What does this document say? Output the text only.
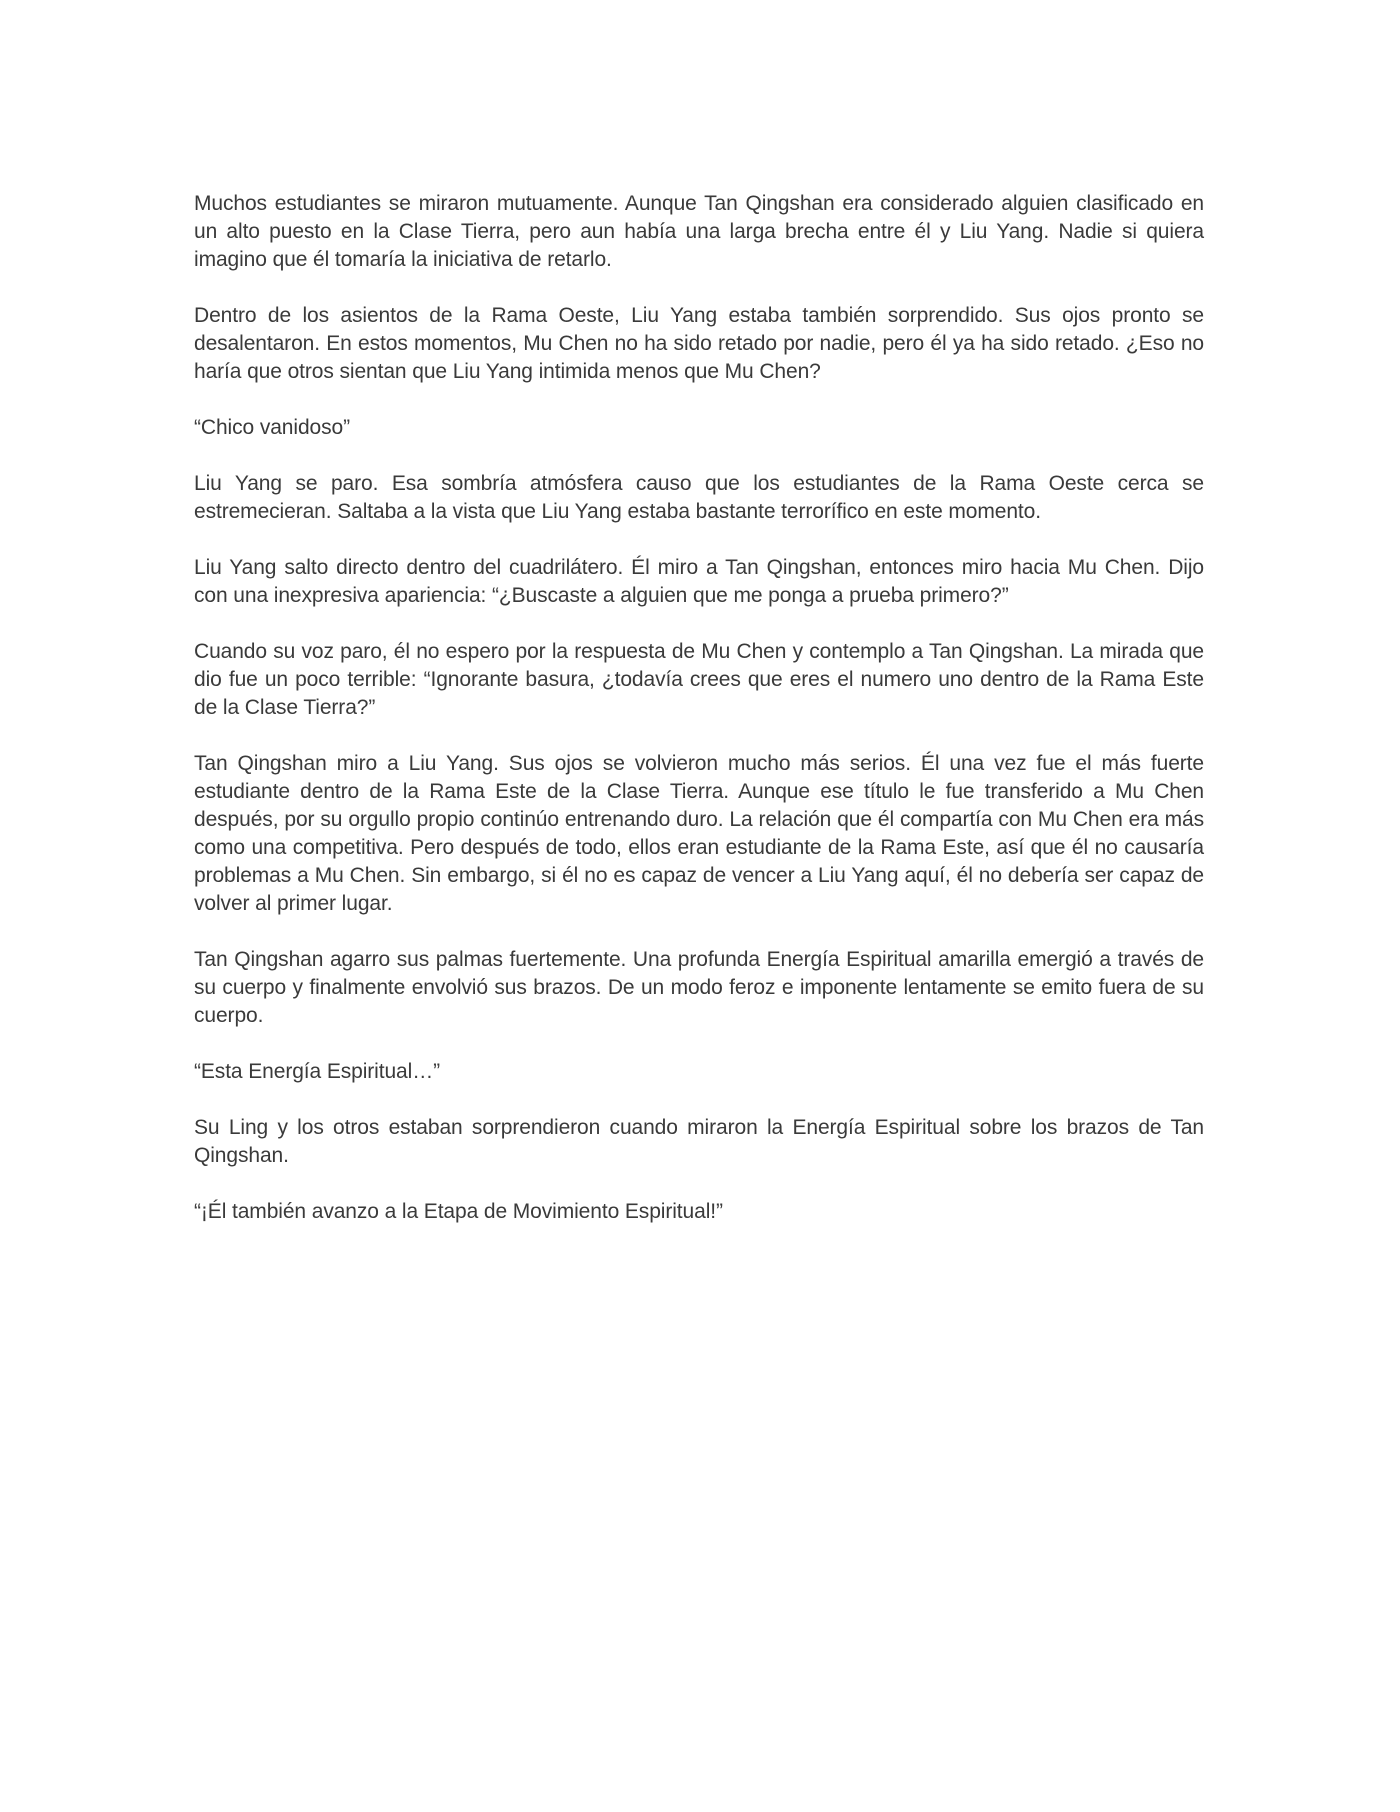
Muchos estudiantes se miraron mutuamente. Aunque Tan Qingshan era considerado alguien clasificado en un alto puesto en la Clase Tierra, pero aun había una larga brecha entre él y Liu Yang. Nadie si quiera imagino que él tomaría la iniciativa de retarlo.

Dentro de los asientos de la Rama Oeste, Liu Yang estaba también sorprendido. Sus ojos pronto se desalentaron. En estos momentos, Mu Chen no ha sido retado por nadie, pero él ya ha sido retado. ¿Eso no haría que otros sientan que Liu Yang intimida menos que Mu Chen?

“Chico vanidoso”

Liu Yang se paro. Esa sombría atmósfera causo que los estudiantes de la Rama Oeste cerca se estremecieran. Saltaba a la vista que Liu Yang estaba bastante terrorífico en este momento.

Liu Yang salto directo dentro del cuadrilátero. Él miro a Tan Qingshan, entonces miro hacia Mu Chen. Dijo con una inexpresiva apariencia: “¿Buscaste a alguien que me ponga a prueba primero?”

Cuando su voz paro, él no espero por la respuesta de Mu Chen y contemplo a Tan Qingshan. La mirada que dio fue un poco terrible: “Ignorante basura, ¿todavía crees que eres el numero uno dentro de la Rama Este de la Clase Tierra?”

Tan Qingshan miro a Liu Yang. Sus ojos se volvieron mucho más serios. Él una vez fue el más fuerte estudiante dentro de la Rama Este de la Clase Tierra. Aunque ese título le fue transferido a Mu Chen después, por su orgullo propio continúo entrenando duro. La relación que él compartía con Mu Chen era más como una competitiva. Pero después de todo, ellos eran estudiante de la Rama Este, así que él no causaría problemas a Mu Chen. Sin embargo, si él no es capaz de vencer a Liu Yang aquí, él no debería ser capaz de volver al primer lugar.

Tan Qingshan agarro sus palmas fuertemente. Una profunda Energía Espiritual amarilla emergió a través de su cuerpo y finalmente envolvió sus brazos. De un modo feroz e imponente lentamente se emito fuera de su cuerpo.

“Esta Energía Espiritual…”

Su Ling y los otros estaban sorprendieron cuando miraron la Energía Espiritual sobre los brazos de Tan Qingshan.

“¡Él también avanzo a la Etapa de Movimiento Espiritual!”
